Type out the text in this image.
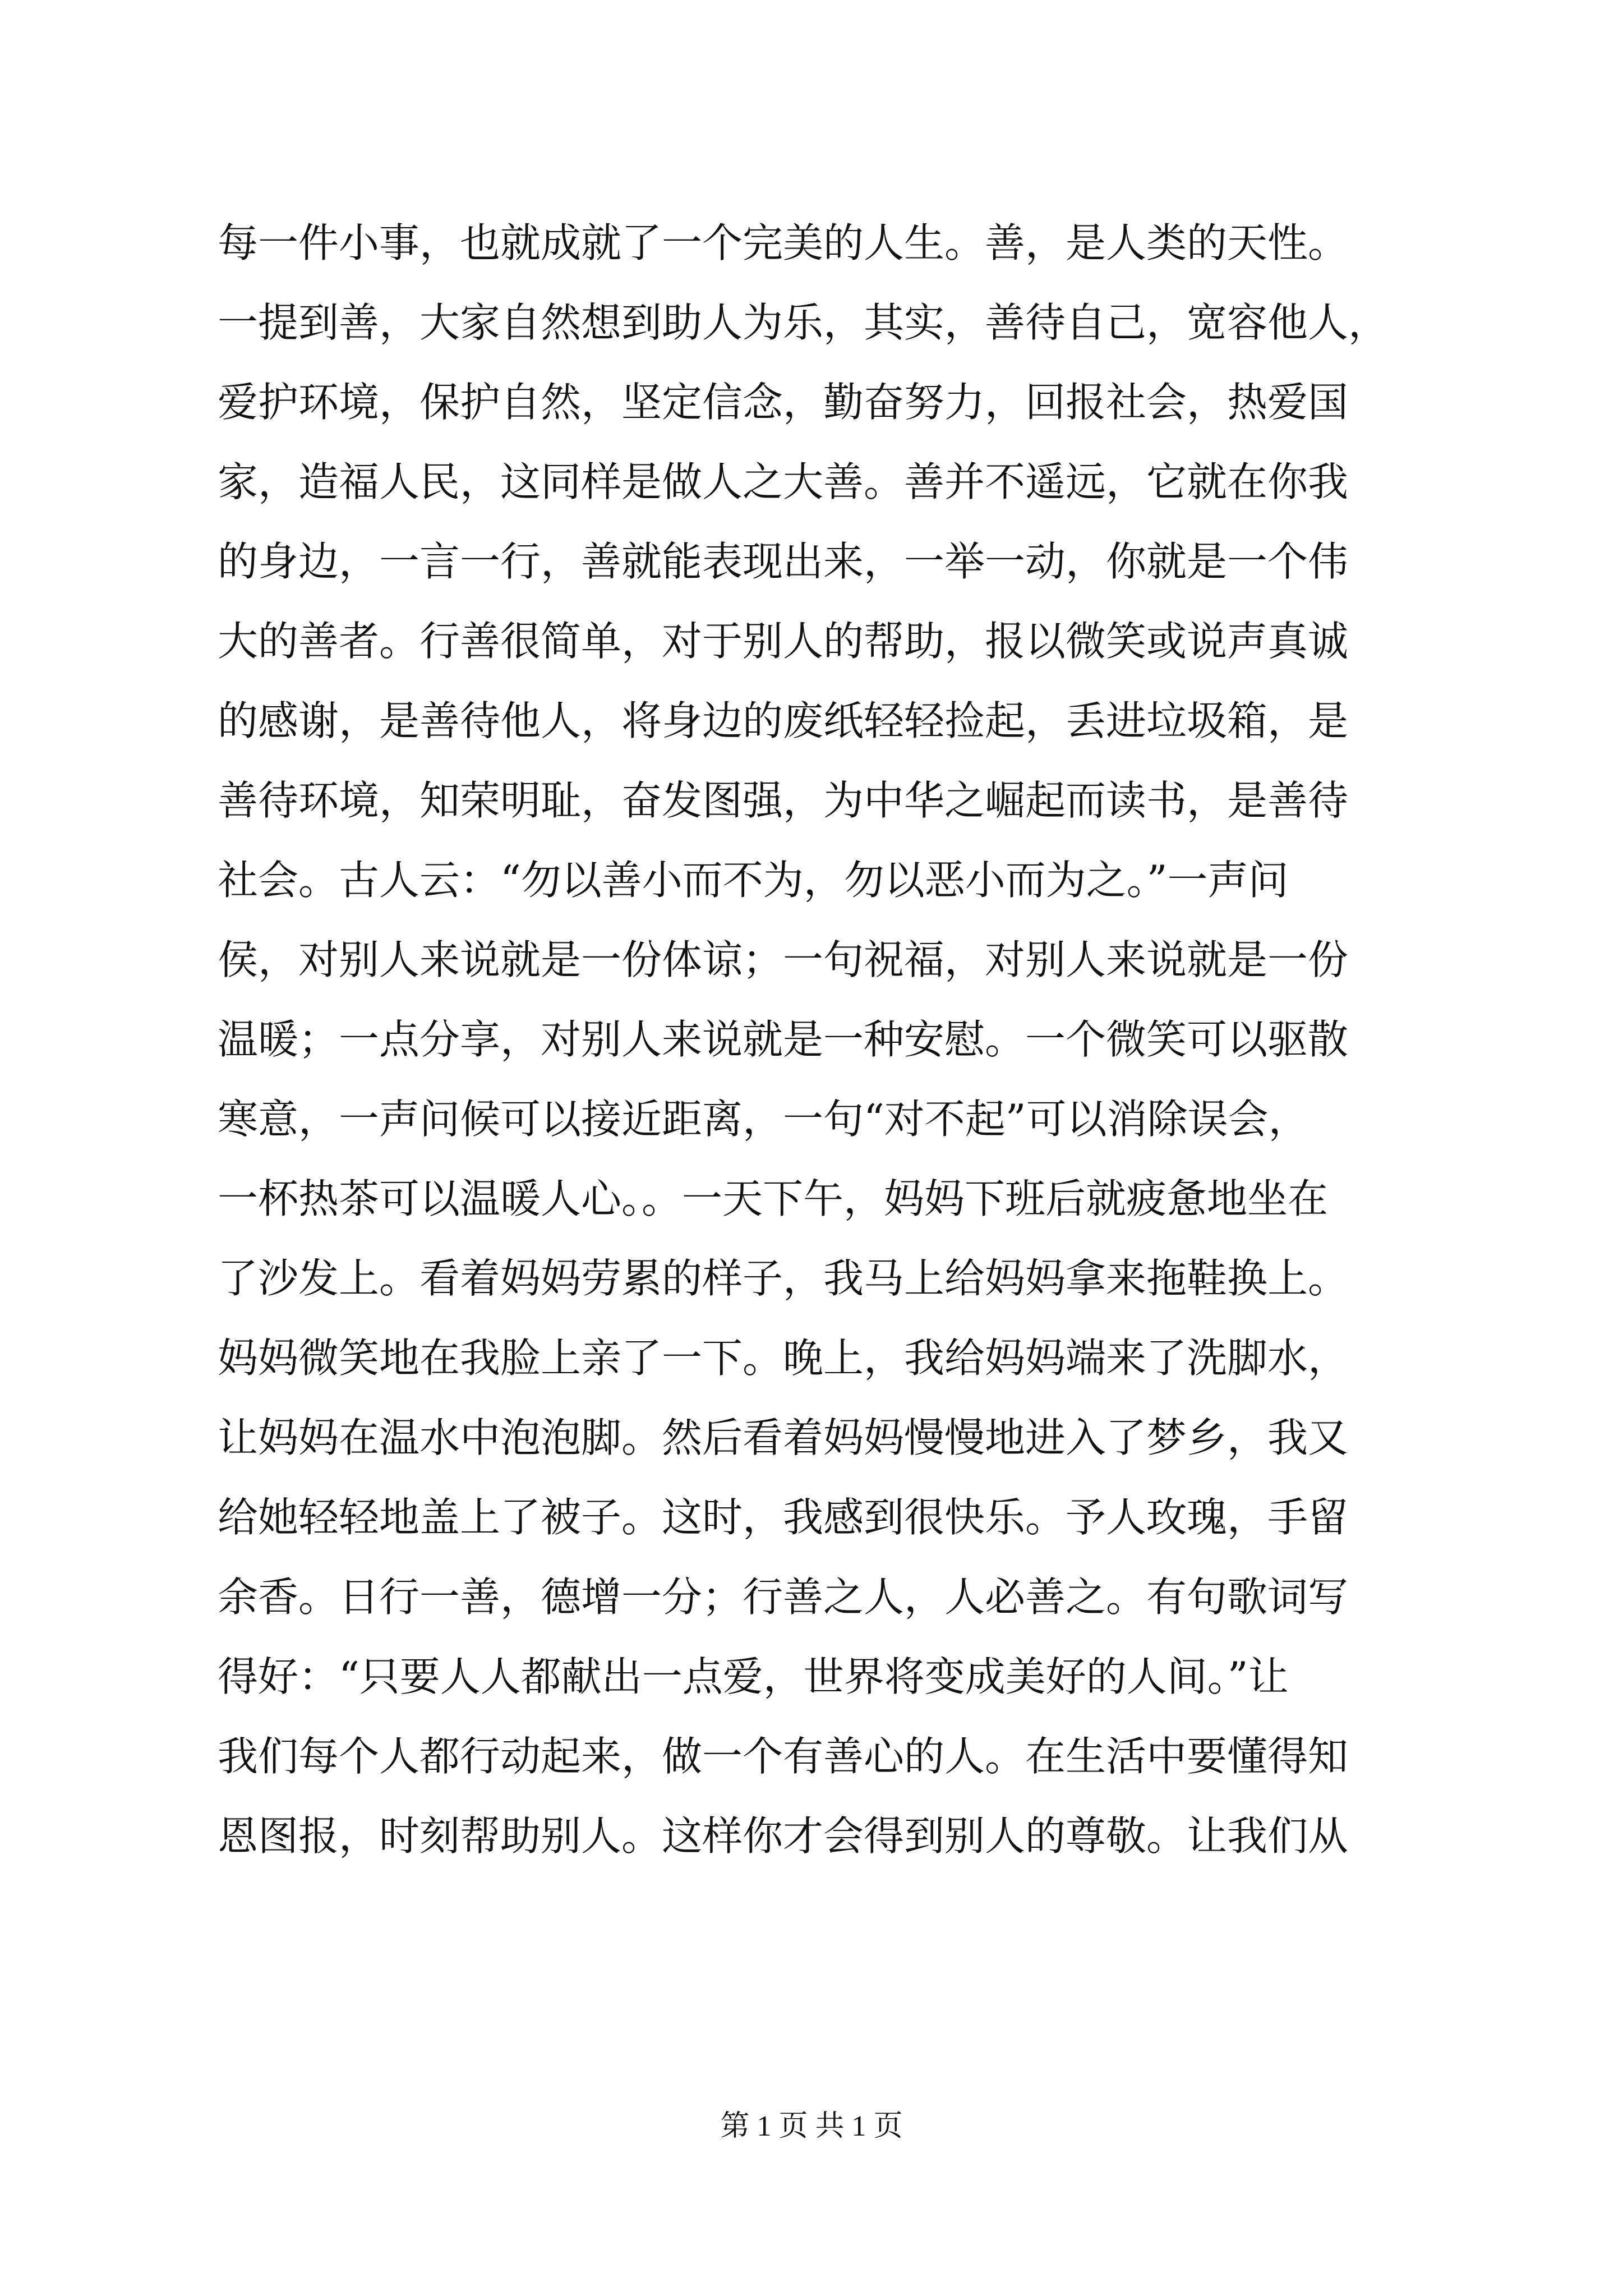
每一件小事，也就成就了一个完美的人生。善，是人类的天性。
一提到善，大家自然想到助人为乐，其实，善待自己，宽容他人，
爱护环境，保护自然，坚定信念，勤奋努力，回报社会，热爱国
家，造福人民，这同样是做人之大善。善并不遥远，它就在你我
的身边，一言一行，善就能表现出来，一举一动，你就是一个伟
大的善者。行善很简单，对于别人的帮助，报以微笑或说声真诚
的感谢，是善待他人，将身边的废纸轻轻捡起，丢进垃圾箱，是
善待环境，知荣明耻，奋发图强，为中华之崛起而读书，是善待
社会。古人云：“勿以善小而不为，勿以恶小而为之。”一声问
侯，对别人来说就是一份体谅；一句祝福，对别人来说就是一份
温暖；一点分享，对别人来说就是一种安慰。一个微笑可以驱散
寒意，一声问候可以接近距离，一句“对不起”可以消除误会，
一杯热茶可以温暖人心。。一天下午，妈妈下班后就疲惫地坐在
了沙发上。看着妈妈劳累的样子，我马上给妈妈拿来拖鞋换上。
妈妈微笑地在我脸上亲了一下。晚上，我给妈妈端来了洗脚水，
让妈妈在温水中泡泡脚。然后看着妈妈慢慢地进入了梦乡，我又
给她轻轻地盖上了被子。这时，我感到很快乐。予人玫瑰，手留
余香。日行一善，德增一分；行善之人，人必善之。有句歌词写
得好：“只要人人都献出一点爱，世界将变成美好的人间。”让
我们每个人都行动起来，做一个有善心的人。在生活中要懂得知
恩图报，时刻帮助别人。这样你才会得到别人的尊敬。让我们从
第 1 页 共 1 页
